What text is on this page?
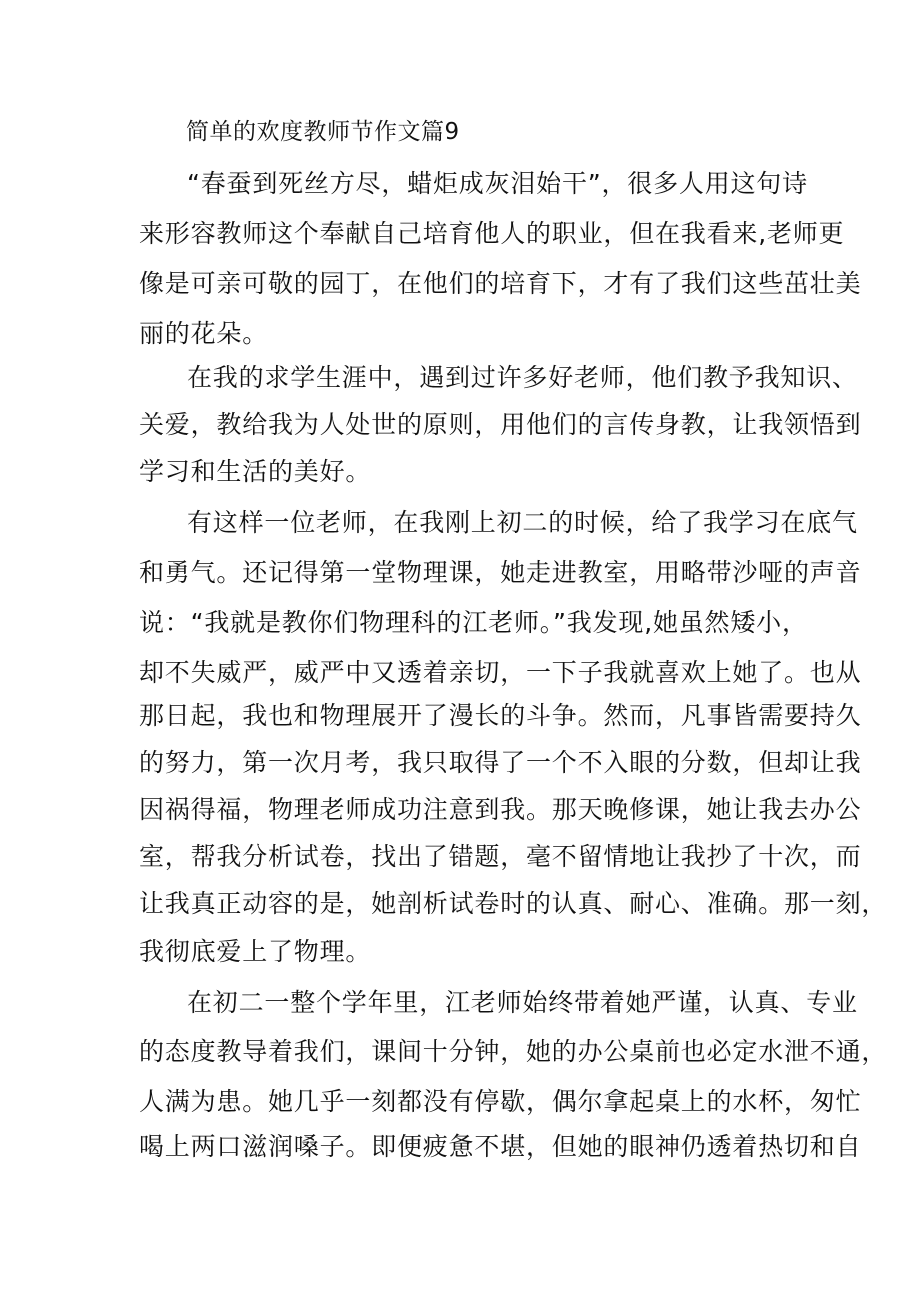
简单的欢度教师节作文篇9
“春蚕到死丝方尽，蜡炬成灰泪始干”，很多人用这句诗
来形容教师这个奉献自己培育他人的职业，但在我看来,老师更
像是可亲可敬的园丁，在他们的培育下，才有了我们这些茁壮美
丽的花朵。
在我的求学生涯中，遇到过许多好老师，他们教予我知识、
关爱，教给我为人处世的原则，用他们的言传身教，让我领悟到
学习和生活的美好。
有这样一位老师，在我刚上初二的时候，给了我学习在底气
和勇气。还记得第一堂物理课，她走进教室，用略带沙哑的声音
说：“我就是教你们物理科的江老师。”我发现,她虽然矮小，
却不失威严，威严中又透着亲切，一下子我就喜欢上她了。也从
那日起，我也和物理展开了漫长的斗争。然而，凡事皆需要持久
的努力，第一次月考，我只取得了一个不入眼的分数，但却让我
因祸得福，物理老师成功注意到我。那天晚修课，她让我去办公
室，帮我分析试卷，找出了错题，毫不留情地让我抄了十次，而
让我真正动容的是，她剖析试卷时的认真、耐心、准确。那一刻，
我彻底爱上了物理。
在初二一整个学年里，江老师始终带着她严谨，认真、专业
的态度教导着我们，课间十分钟，她的办公桌前也必定水泄不通，
人满为患。她几乎一刻都没有停歇，偶尔拿起桌上的水杯，匆忙
喝上两口滋润嗓子。即便疲惫不堪，但她的眼神仍透着热切和自
